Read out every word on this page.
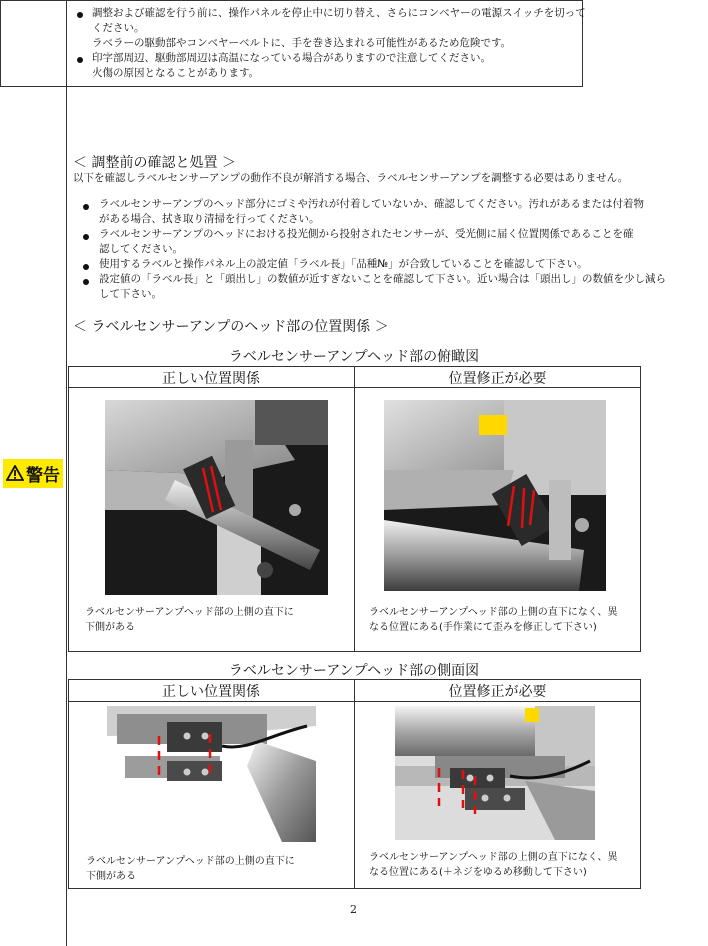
警告
調整および確認を行う前に、操作パネルを停止中に切り替え、さらにコンベヤーの電源スイッチを切って
ください。
ラベラーの駆動部やコンベヤーベルトに、手を巻き込まれる可能性があるため危険です。
印字部周辺、駆動部周辺は高温になっている場合がありますので注意してください。
火傷の原因となることがあります。
＜ 調整前の確認と処置 ＞
以下を確認しラベルセンサーアンプの動作不良が解消する場合、ラベルセンサーアンプを調整する必要はありません。
ラベルセンサーアンプのヘッド部分にゴミや汚れが付着していないか、確認してください。汚れがあるまたは付着物
がある場合、拭き取り清掃を行ってください。
ラベルセンサーアンプのヘッドにおける投光側から投射されたセンサーが、受光側に届く位置関係であることを確
認してください。
使用するラベルと操作パネル上の設定値「ラベル長」「品種№」が合致していることを確認して下さい。
設定値の「ラベル長」と「頭出し」の数値が近すぎないことを確認して下さい。近い場合は「頭出し」の数値を少し減ら
して下さい。
＜ ラベルセンサーアンプのヘッド部の位置関係 ＞
ラベルセンサーアンプヘッド部の俯瞰図
正しい位置関係	位置修正が必要
ラベルセンサーアンプヘッド部の上側の直下に
下側がある
ラベルセンサーアンプヘッド部の上側の直下になく、異
なる位置にある(手作業にて歪みを修正して下さい)
ラベルセンサーアンプヘッド部の側面図
正しい位置関係	位置修正が必要
ラベルセンサーアンプヘッド部の上側の直下に
下側がある
ラベルセンサーアンプヘッド部の上側の直下になく、異
なる位置にある(＋ネジをゆるめ移動して下さい)
2
